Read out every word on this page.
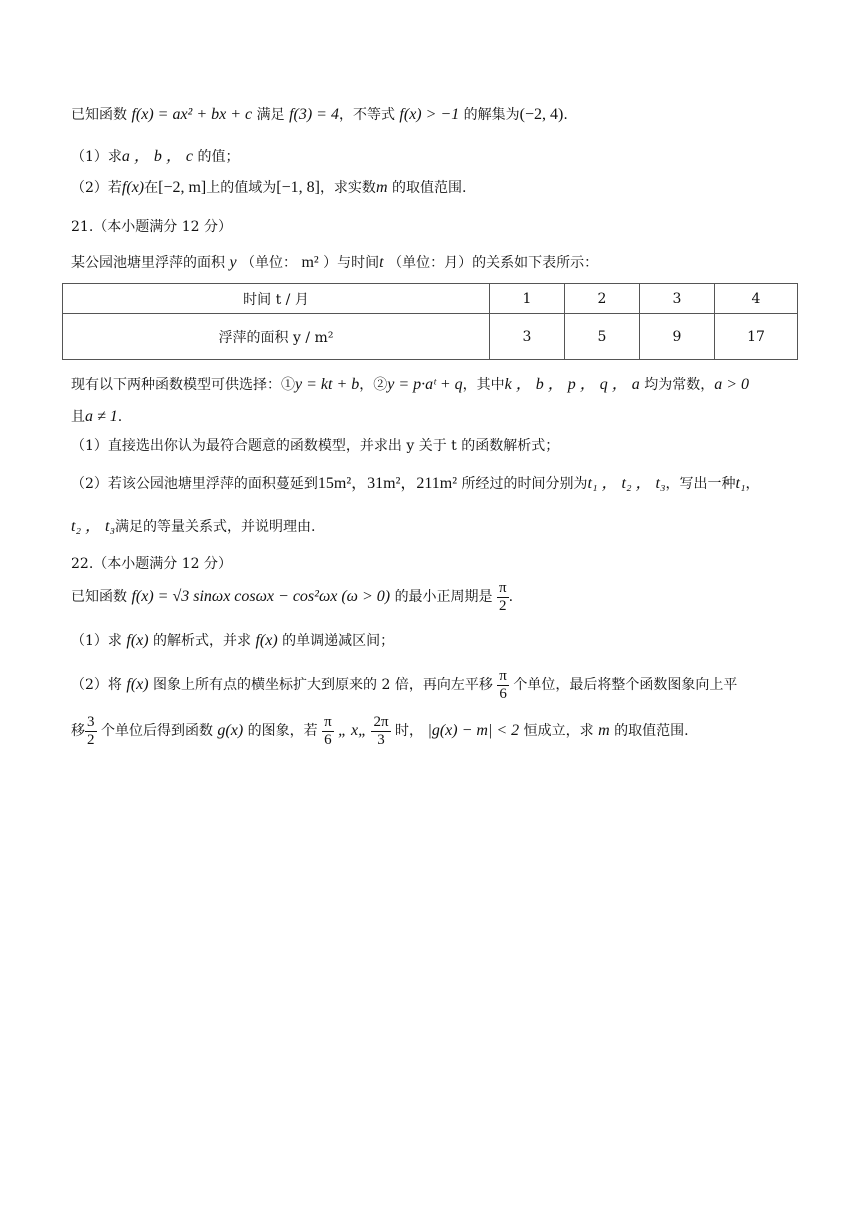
已知函数 f(x) = ax² + bx + c 满足 f(3) = 4，不等式 f(x) > −1 的解集为(−2, 4).
（1）求a ， b ， c 的值；
（2）若f(x)在[−2, m]上的值域为[−1, 8]，求实数m 的取值范围.
21.（本小题满分 12 分）
某公园池塘里浮萍的面积 y （单位： m² ）与时间t （单位：月）的关系如下表所示：
时间 t / 月	1	2	3	4
浮萍的面积 y / m²	3	5	9	17
现有以下两种函数模型可供选择：①y = kt + b，②y = p·aᵗ + q，其中k ， b ， p ， q ， a 均为常数，a > 0
且a ≠ 1.
（1）直接选出你认为最符合题意的函数模型，并求出 y 关于 t 的函数解析式；
（2）若该公园池塘里浮萍的面积蔓延到15m²，31m²，211m² 所经过的时间分别为t₁ ， t₂ ， t₃，写出一种t₁，
t₂ ， t₃满足的等量关系式，并说明理由.
22.（本小题满分 12 分）
已知函数 f(x) = √3 sinωx cosωx − cos²ωx (ω > 0) 的最小正周期是 $\frac{\pi}{2}$ .
（1）求 f(x) 的解析式，并求 f(x) 的单调递减区间；
（2）将 f(x) 图象上所有点的横坐标扩大到原来的 2 倍，再向左平移 $\frac{\pi}{6}$ 个单位，最后将整个函数图象向上平
移 $\frac{3}{2}$ 个单位后得到函数 g(x) 的图象，若 $\frac{\pi}{6}$ „ x„ $\frac{2\pi}{3}$ 时， |g(x) − m| < 2 恒成立，求 m 的取值范围.
